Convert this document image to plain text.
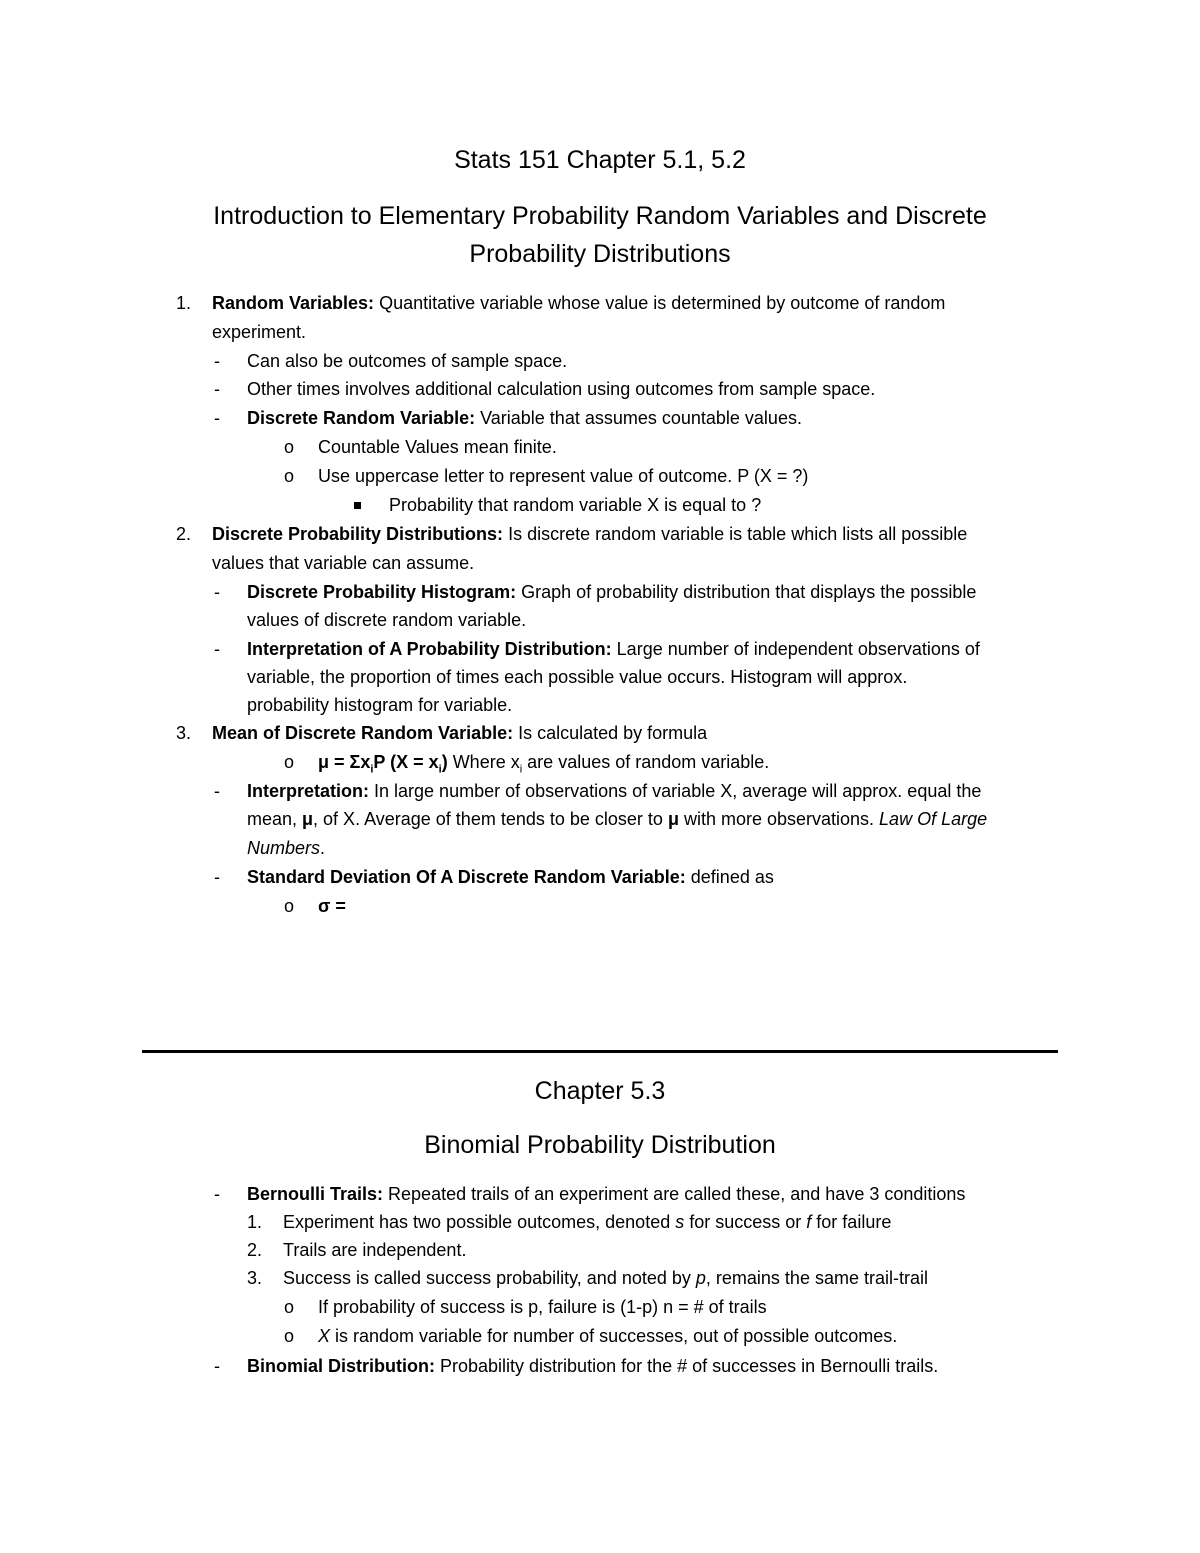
Stats 151 Chapter 5.1, 5.2
Introduction to Elementary Probability Random Variables and Discrete
Probability Distributions
1. Random Variables: Quantitative variable whose value is determined by outcome of random
experiment.
- Can also be outcomes of sample space.
- Other times involves additional calculation using outcomes from sample space.
- Discrete Random Variable: Variable that assumes countable values.
o Countable Values mean finite.
o Use uppercase letter to represent value of outcome. P (X = ?)
Probability that random variable X is equal to ?
2. Discrete Probability Distributions: Is discrete random variable is table which lists all possible
values that variable can assume.
- Discrete Probability Histogram: Graph of probability distribution that displays the possible
values of discrete random variable.
- Interpretation of A Probability Distribution: Large number of independent observations of
variable, the proportion of times each possible value occurs. Histogram will approx.
probability histogram for variable.
3. Mean of Discrete Random Variable: Is calculated by formula
o $\mu = \Sigma x_iP$ $(X = x_i)$ Where $x_i$ are values of random variable.
- Interpretation: In large number of observations of variable X, average will approx. equal the
mean, μ, of X. Average of them tends to be closer to μ with more observations. Law Of Large
Numbers.
- Standard Deviation Of A Discrete Random Variable: defined as
o σ =
Chapter 5.3
Binomial Probability Distribution
- Bernoulli Trails: Repeated trails of an experiment are called these, and have 3 conditions
1. Experiment has two possible outcomes, denoted s for success or f for failure
2. Trails are independent.
3. Success is called success probability, and noted by p, remains the same trail-trail
o If probability of success is p, failure is (1-p) n = # of trails
o X is random variable for number of successes, out of possible outcomes.
- Binomial Distribution: Probability distribution for the # of successes in Bernoulli trails.
